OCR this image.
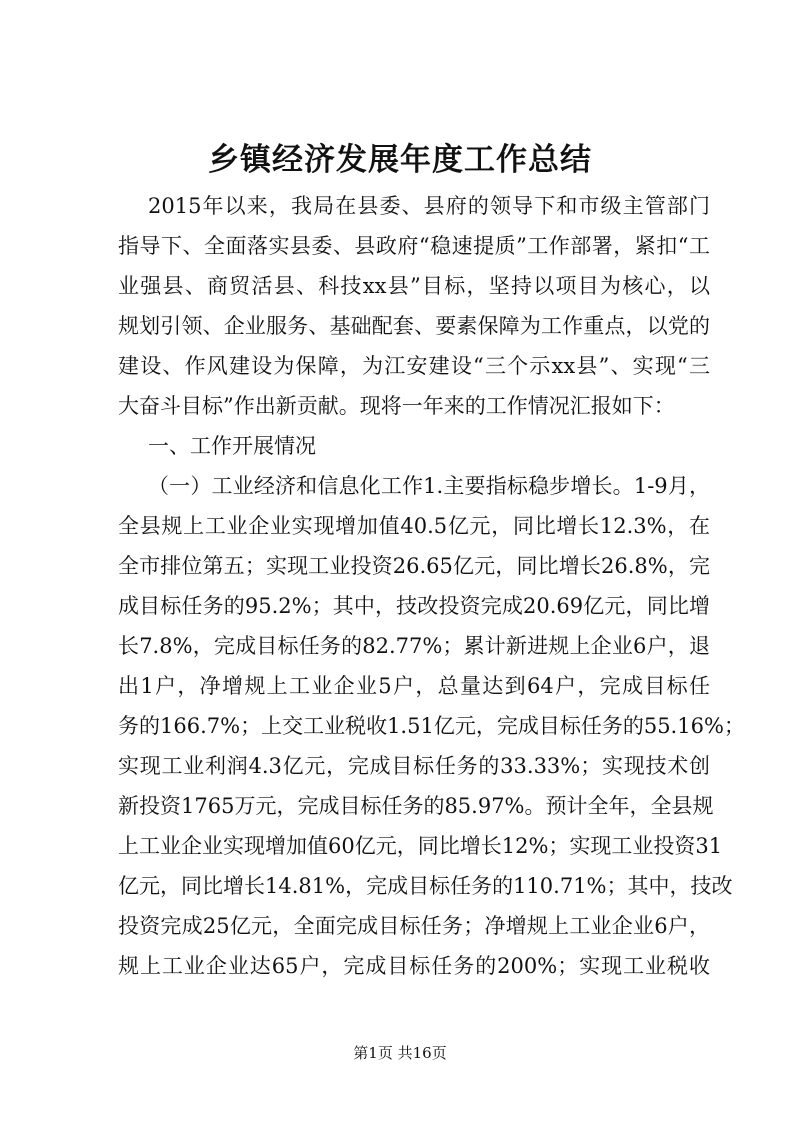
乡镇经济发展年度工作总结
2015年以来，我局在县委、县府的领导下和市级主管部门
指导下、全面落实县委、县政府“稳速提质”工作部署，紧扣“工
业强县、商贸活县、科技xx县”目标，坚持以项目为核心，以
规划引领、企业服务、基础配套、要素保障为工作重点，以党的
建设、作风建设为保障，为江安建设“三个示xx县”、实现“三
大奋斗目标”作出新贡献。现将一年来的工作情况汇报如下：
一、工作开展情况
（一）工业经济和信息化工作1.主要指标稳步增长。1-9月，
全县规上工业企业实现增加值40.5亿元，同比增长12.3%，在
全市排位第五；实现工业投资26.65亿元，同比增长26.8%，完
成目标任务的95.2%；其中，技改投资完成20.69亿元，同比增
长7.8%，完成目标任务的82.77%；累计新进规上企业6户，退
出1户，净增规上工业企业5户，总量达到64户，完成目标任
务的166.7%；上交工业税收1.51亿元，完成目标任务的55.16%；
实现工业利润4.3亿元，完成目标任务的33.33%；实现技术创
新投资1765万元，完成目标任务的85.97%。预计全年，全县规
上工业企业实现增加值60亿元，同比增长12%；实现工业投资31
亿元，同比增长14.81%，完成目标任务的110.71%；其中，技改
投资完成25亿元，全面完成目标任务；净增规上工业企业6户，
规上工业企业达65户，完成目标任务的200%；实现工业税收
第1页 共16页
